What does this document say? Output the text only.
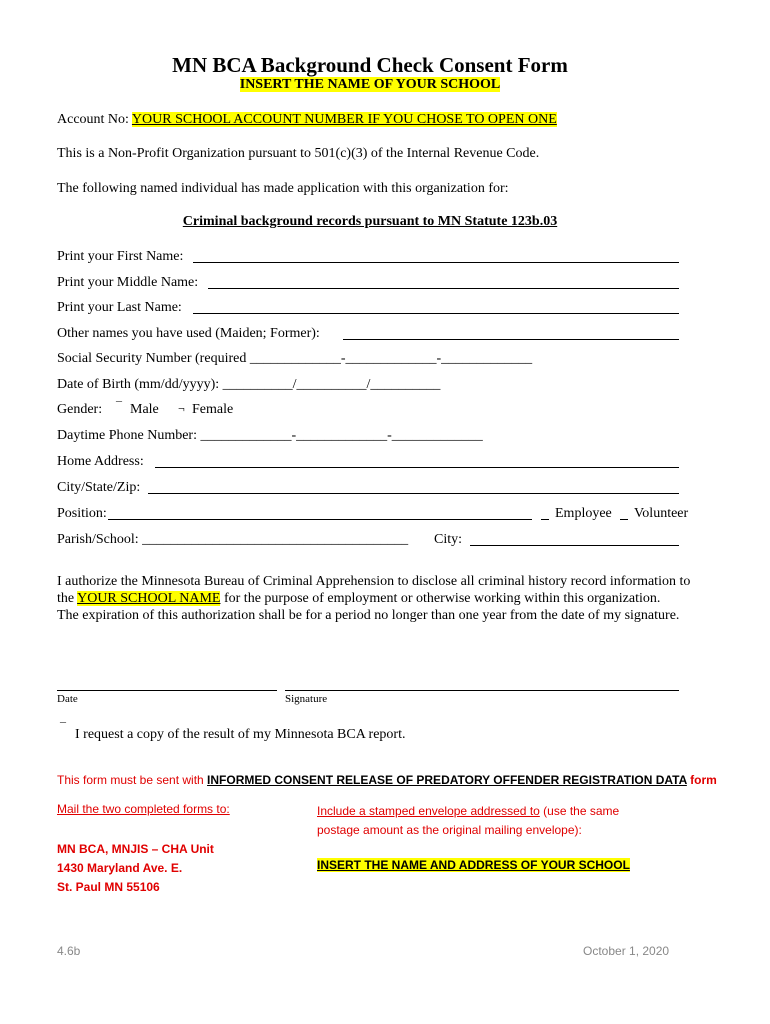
MN BCA Background Check Consent Form
INSERT THE NAME OF YOUR SCHOOL
Account No: YOUR SCHOOL ACCOUNT NUMBER IF YOU CHOSE TO OPEN ONE
This is a Non-Profit Organization pursuant to 501(c)(3) of the Internal Revenue Code.
The following named individual has made application with this organization for:
Criminal background records pursuant to MN Statute 123b.03
Print your First Name:
Print your Middle Name:
Print your Last Name:
Other names you have used (Maiden; Former):
Social Security Number (required _____________-_____________-_____________
Date of Birth (mm/dd/yyyy): __________/__________/__________
Gender: ¯ Male ¬ Female
Daytime Phone Number: _____________-_____________-_____________
Home Address:
City/State/Zip:
Position:	Employee Volunteer
Parish/School: ______________________________________ City:

I authorize the Minnesota Bureau of Criminal Apprehension to disclose all criminal history record information to the YOUR SCHOOL NAME for the purpose of employment or otherwise working within this organization.

The expiration of this authorization shall be for a period no longer than one year from the date of my signature.

Date	Signature
¯ I request a copy of the result of my Minnesota BCA report.
This form must be sent with INFORMED CONSENT RELEASE OF PREDATORY OFFENDER REGISTRATION DATA form
Mail the two completed forms to:
MN BCA, MNJIS – CHA Unit
1430 Maryland Ave. E.
St. Paul MN 55106
Include a stamped envelope addressed to (use the same
postage amount as the original mailing envelope):
INSERT THE NAME AND ADDRESS OF YOUR SCHOOL
4.6b	October 1, 2020
